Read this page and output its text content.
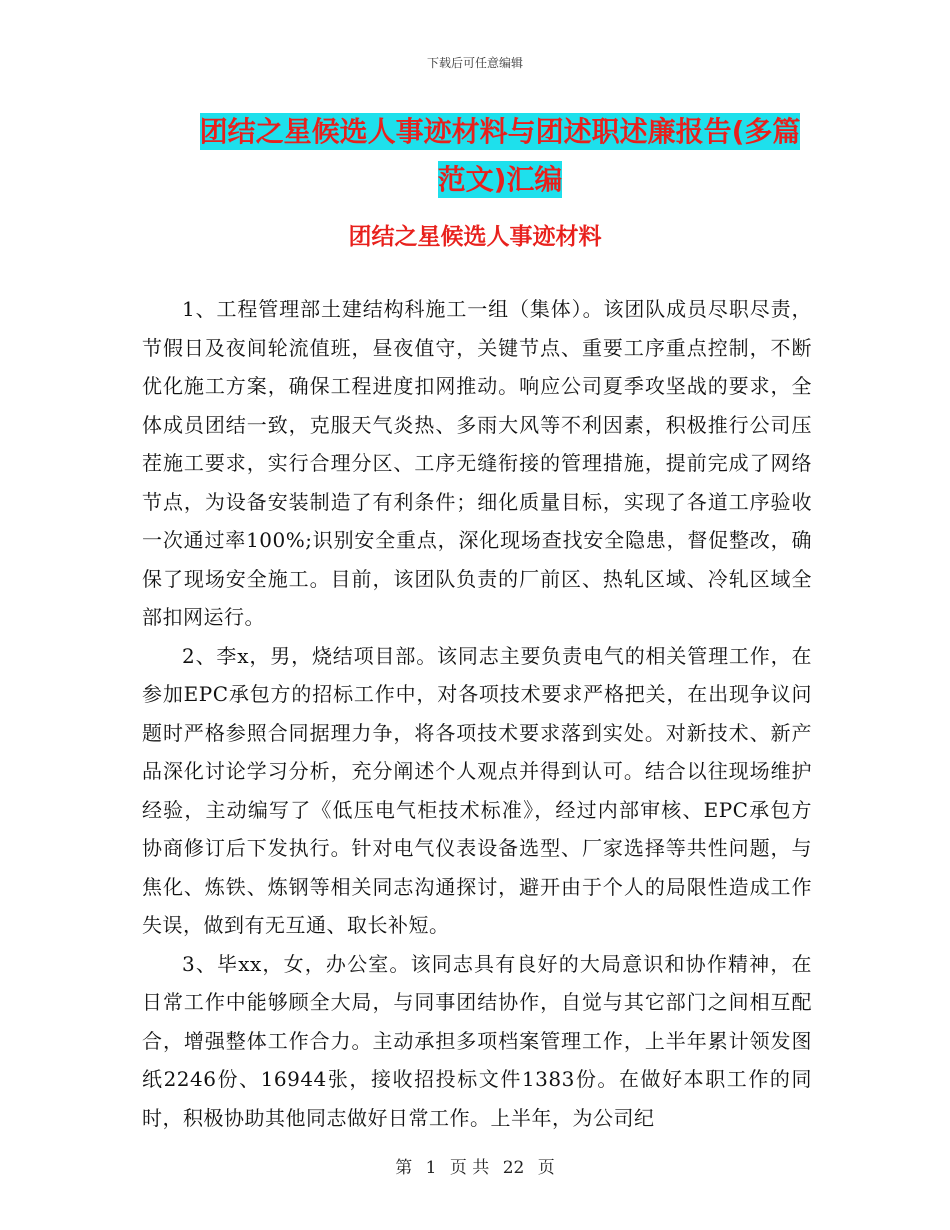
下载后可任意编辑
团结之星候选人事迹材料与团述职述廉报告(多篇范文)汇编
团结之星候选人事迹材料

1、工程管理部土建结构科施工一组（集体）。该团队成员尽职尽责，节假日及夜间轮流值班，昼夜值守，关键节点、重要工序重点控制，不断优化施工方案，确保工程进度扣网推动。响应公司夏季攻坚战的要求，全体成员团结一致，克服天气炎热、多雨大风等不利因素，积极推行公司压茬施工要求，实行合理分区、工序无缝衔接的管理措施，提前完成了网络节点，为设备安装制造了有利条件；细化质量目标，实现了各道工序验收一次通过率100%;识别安全重点，深化现场查找安全隐患，督促整改，确保了现场安全施工。目前，该团队负责的厂前区、热轧区域、冷轧区域全部扣网运行。

2、李x，男，烧结项目部。该同志主要负责电气的相关管理工作，在参加EPC承包方的招标工作中，对各项技术要求严格把关，在出现争议问题时严格参照合同据理力争，将各项技术要求落到实处。对新技术、新产品深化讨论学习分析，充分阐述个人观点并得到认可。结合以往现场维护经验，主动编写了《低压电气柜技术标准》，经过内部审核、EPC承包方协商修订后下发执行。针对电气仪表设备选型、厂家选择等共性问题，与焦化、炼铁、炼钢等相关同志沟通探讨，避开由于个人的局限性造成工作失误，做到有无互通、取长补短。

3、毕xx，女，办公室。该同志具有良好的大局意识和协作精神，在日常工作中能够顾全大局，与同事团结协作，自觉与其它部门之间相互配合，增强整体工作合力。主动承担多项档案管理工作，上半年累计领发图纸2246份、16944张，接收招投标文件1383份。在做好本职工作的同时，积极协助其他同志做好日常工作。上半年，为公司纪

第 1 页 共 22 页
